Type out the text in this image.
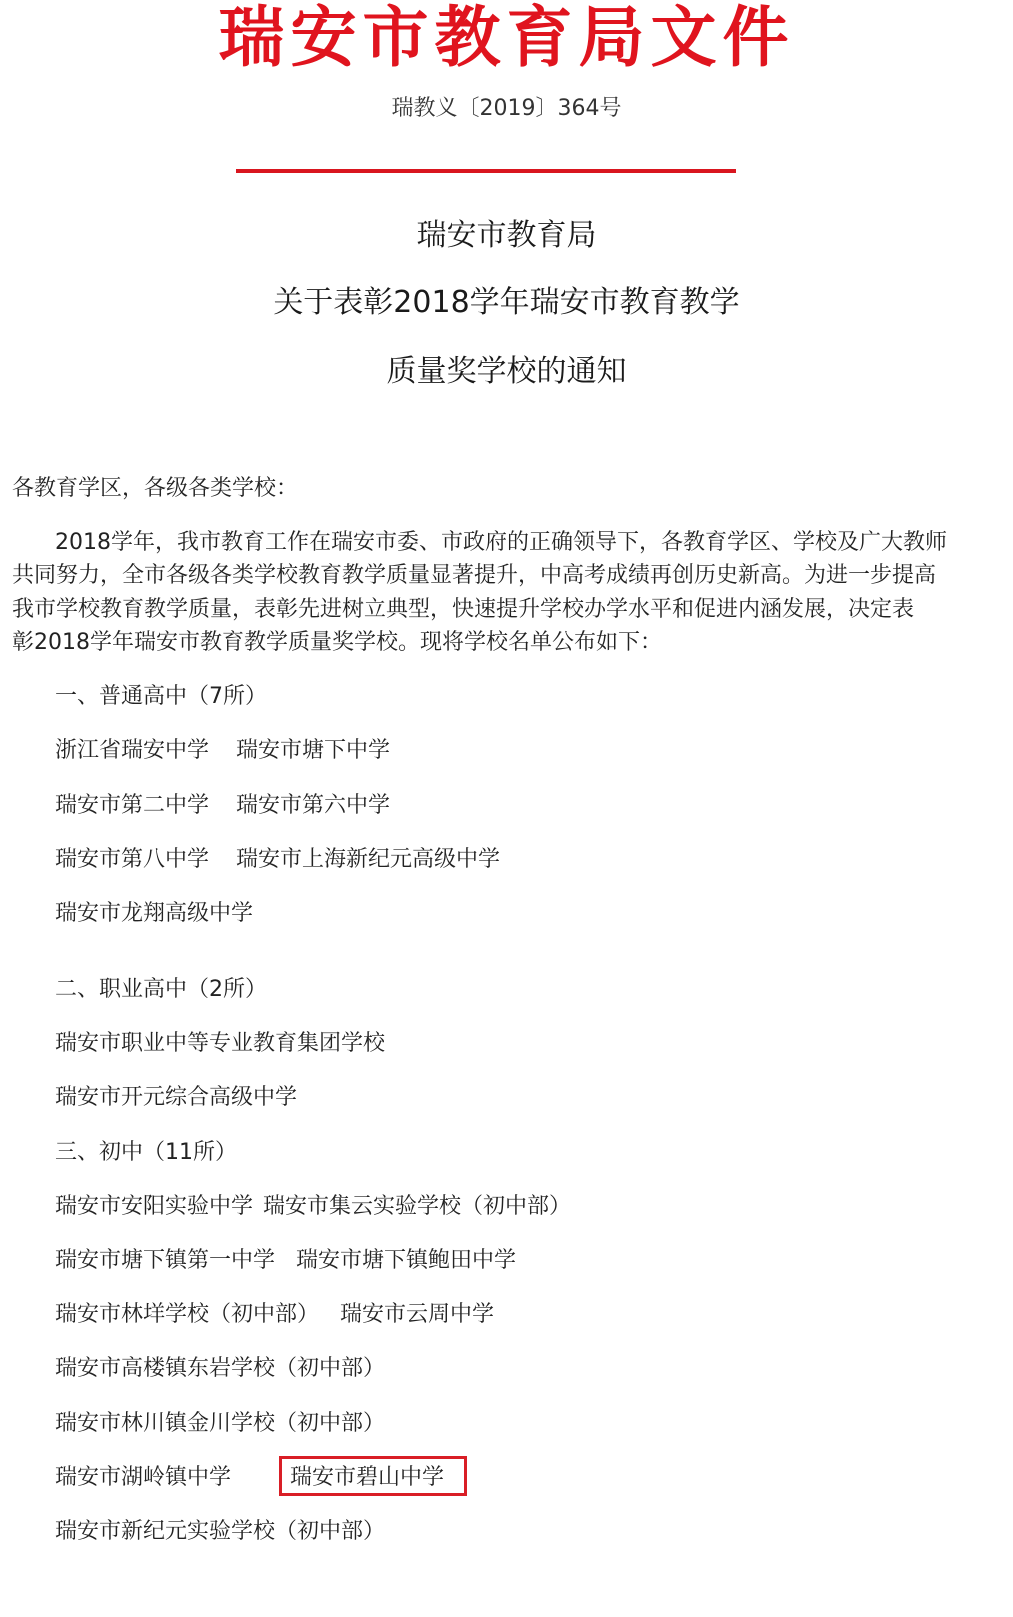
瑞安市教育局文件
瑞教义〔2019〕364号
瑞安市教育局
关于表彰2018学年瑞安市教育教学
质量奖学校的通知
各教育学区，各级各类学校：
2018学年，我市教育工作在瑞安市委、市政府的正确领导下，各教育学区、学校及广大教师
共同努力，全市各级各类学校教育教学质量显著提升，中高考成绩再创历史新高。为进一步提高
我市学校教育教学质量，表彰先进树立典型，快速提升学校办学水平和促进内涵发展，决定表
彰2018学年瑞安市教育教学质量奖学校。现将学校名单公布如下：
一、普通高中（7所）
浙江省瑞安中学 瑞安市塘下中学
瑞安市第二中学 瑞安市第六中学
瑞安市第八中学 瑞安市上海新纪元高级中学
瑞安市龙翔高级中学
二、职业高中（2所）
瑞安市职业中等专业教育集团学校
瑞安市开元综合高级中学
三、初中（11所）
瑞安市安阳实验中学 瑞安市集云实验学校（初中部）
瑞安市塘下镇第一中学 瑞安市塘下镇鲍田中学
瑞安市林垟学校（初中部） 瑞安市云周中学
瑞安市高楼镇东岩学校（初中部）
瑞安市林川镇金川学校（初中部）
瑞安市湖岭镇中学	瑞安市碧山中学
瑞安市新纪元实验学校（初中部）
